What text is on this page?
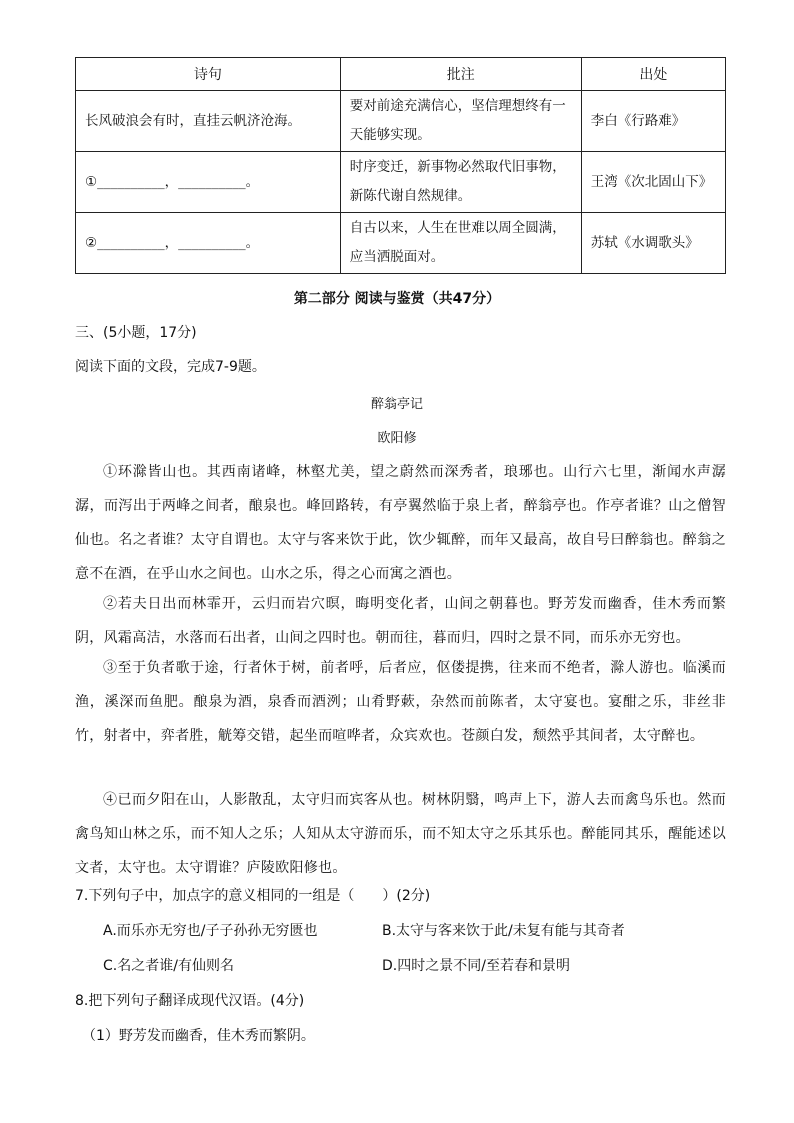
诗句	批注	出处
长风破浪会有时，直挂云帆济沧海。	要对前途充满信心，坚信理想终有一天能够实现。	李白《行路难》
①__________，__________。	时序变迁，新事物必然取代旧事物，新陈代谢自然规律。	王湾《次北固山下》
②__________，__________。	自古以来，人生在世难以周全圆满，应当洒脱面对。	苏轼《水调歌头》
第二部分 阅读与鉴赏（共47分）
三、(5小题，17分)
阅读下面的文段，完成7-9题。
醉翁亭记
欧阳修
①环滁皆山也。其西南诸峰，林壑尤美，望之蔚然而深秀者，琅琊也。山行六七里，渐闻水声潺潺，而泻出于两峰之间者，酿泉也。峰回路转，有亭翼然临于泉上者，醉翁亭也。作亭者谁？山之僧智仙也。名之者谁？太守自谓也。太守与客来饮于此，饮少辄醉，而年又最高，故自号曰醉翁也。醉翁之意不在酒，在乎山水之间也。山水之乐，得之心而寓之酒也。
②若夫日出而林霏开，云归而岩穴暝，晦明变化者，山间之朝暮也。野芳发而幽香，佳木秀而繁阴，风霜高洁，水落而石出者，山间之四时也。朝而往，暮而归，四时之景不同，而乐亦无穷也。
③至于负者歌于途，行者休于树，前者呼，后者应，伛偻提携，往来而不绝者，滁人游也。临溪而渔，溪深而鱼肥。酿泉为酒，泉香而酒洌；山肴野蔌，杂然而前陈者，太守宴也。宴酣之乐，非丝非竹，射者中，弈者胜，觥筹交错，起坐而喧哗者，众宾欢也。苍颜白发，颓然乎其间者，太守醉也。
④已而夕阳在山，人影散乱，太守归而宾客从也。树林阴翳，鸣声上下，游人去而禽鸟乐也。然而禽鸟知山林之乐，而不知人之乐；人知从太守游而乐，而不知太守之乐其乐也。醉能同其乐，醒能述以文者，太守也。太守谓谁？庐陵欧阳修也。
7.下列句子中，加点字的意义相同的一组是（　　）(2分)
A.而乐亦无穷也/子子孙孙无穷匮也	B.太守与客来饮于此/未复有能与其奇者
C.名之者谁/有仙则名	D.四时之景不同/至若春和景明
8.把下列句子翻译成现代汉语。(4分)
（1）野芳发而幽香，佳木秀而繁阴。
